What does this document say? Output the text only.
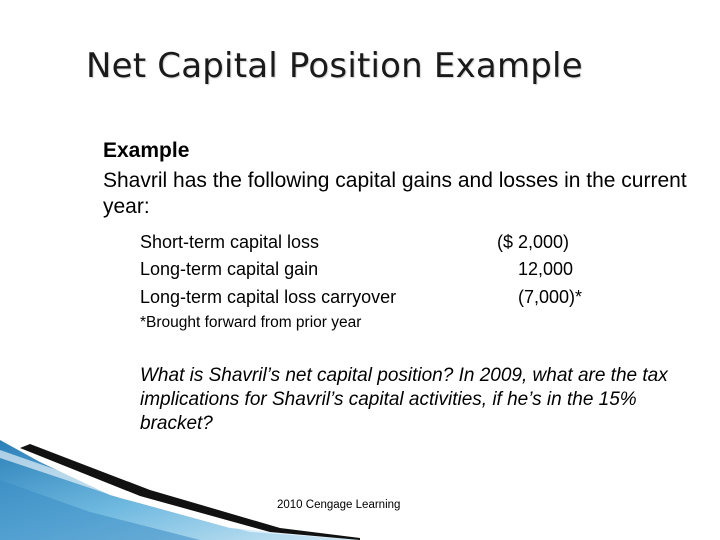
Net Capital Position Example
Example
Shavril has the following capital gains and losses in the current year:
Short-term capital loss	($ 2,000)
Long-term capital gain	12,000
Long-term capital loss carryover	(7,000)*
*Brought forward from prior year
What is Shavril’s net capital position? In 2009, what are the tax implications for Shavril’s capital activities, if he’s in the 15% bracket?
2010 Cengage Learning
